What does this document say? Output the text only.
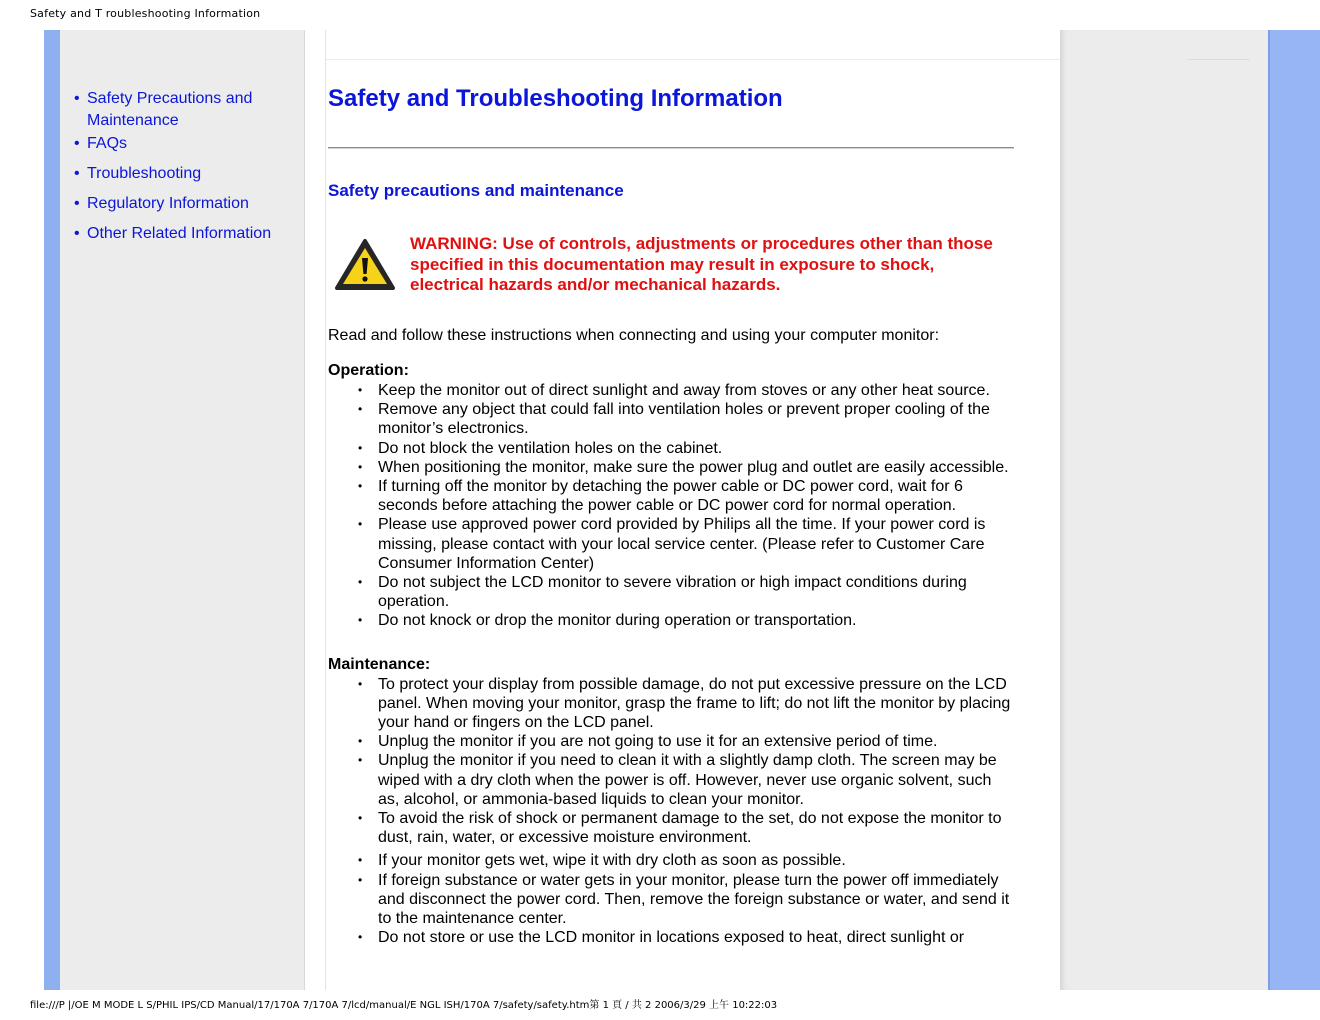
Safety and T roubleshooting Information
• Safety Precautions and Maintenance
• FAQs
• Troubleshooting
• Regulatory Information
• Other Related Information
Safety and Troubleshooting Information
Safety precautions and maintenance
WARNING: Use of controls, adjustments or procedures other than those specified in this documentation may result in exposure to shock, electrical hazards and/or mechanical hazards.
Read and follow these instructions when connecting and using your computer monitor:
Operation:
• Keep the monitor out of direct sunlight and away from stoves or any other heat source.
• Remove any object that could fall into ventilation holes or prevent proper cooling of the monitor’s electronics.
• Do not block the ventilation holes on the cabinet.
• When positioning the monitor, make sure the power plug and outlet are easily accessible.
• If turning off the monitor by detaching the power cable or DC power cord, wait for 6 seconds before attaching the power cable or DC power cord for normal operation.
• Please use approved power cord provided by Philips all the time. If your power cord is missing, please contact with your local service center. (Please refer to Customer Care Consumer Information Center)
• Do not subject the LCD monitor to severe vibration or high impact conditions during operation.
• Do not knock or drop the monitor during operation or transportation.
Maintenance:
• To protect your display from possible damage, do not put excessive pressure on the LCD panel. When moving your monitor, grasp the frame to lift; do not lift the monitor by placing your hand or fingers on the LCD panel.
• Unplug the monitor if you are not going to use it for an extensive period of time.
• Unplug the monitor if you need to clean it with a slightly damp cloth. The screen may be wiped with a dry cloth when the power is off. However, never use organic solvent, such as, alcohol, or ammonia-based liquids to clean your monitor.
• To avoid the risk of shock or permanent damage to the set, do not expose the monitor to dust, rain, water, or excessive moisture environment.
• If your monitor gets wet, wipe it with dry cloth as soon as possible.
• If foreign substance or water gets in your monitor, please turn the power off immediately and disconnect the power cord. Then, remove the foreign substance or water, and send it to the maintenance center.
• Do not store or use the LCD monitor in locations exposed to heat, direct sunlight or
file:///P |/OE M MODE L S/PHIL IPS/CD Manual/17/170A 7/170A 7/lcd/manual/E NGL ISH/170A 7/safety/safety.htm第 1 頁 / 共 2 2006/3/29 上午 10:22:03
